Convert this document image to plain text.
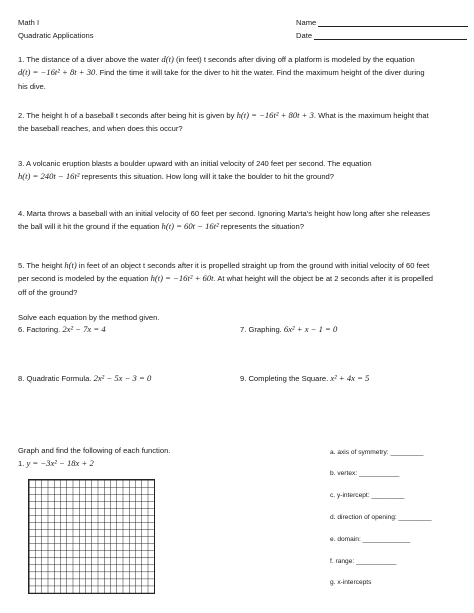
Math I
Quadratic Applications
Name
Date

1. The distance of a diver above the water d(t) (in feet) t seconds after diving off a platform is modeled by the equation
d(t) = −16t² + 8t + 30. Find the time it will take for the diver to hit the water. Find the maximum height of the diver during
his dive.

2. The height h of a baseball t seconds after being hit is given by h(t) = −16t² + 80t + 3. What is the maximum height that
the baseball reaches, and when does this occur?

3. A volcanic eruption blasts a boulder upward with an initial velocity of 240 feet per second. The equation
h(t) = 240t − 16t² represents this situation. How long will it take the boulder to hit the ground?

4. Marta throws a baseball with an initial velocity of 60 feet per second. Ignoring Marta’s height how long after she releases
the ball will it hit the ground if the equation h(t) = 60t − 16t² represents the situation?

5. The height h(t) in feet of an object t seconds after it is propelled straight up from the ground with initial velocity of 60 feet
per second is modeled by the equation h(t) = −16t² + 60t. At what height will the object be at 2 seconds after it is propelled
off of the ground?

Solve each equation by the method given.
6. Factoring. 2x² − 7x = 4	7. Graphing. 6x² + x − 1 = 0
8. Quadratic Formula. 2x² − 5x − 3 = 0	9. Completing the Square. x² + 4x = 5
Graph and find the following of each function.
1. y = −3x² − 18x + 2
a. axis of symmetry: _________
b. vertex: ___________
c. y-intercept: _________
d. direction of opening: _________
e. domain: _____________
f. range: ___________
g. x-intercepts
